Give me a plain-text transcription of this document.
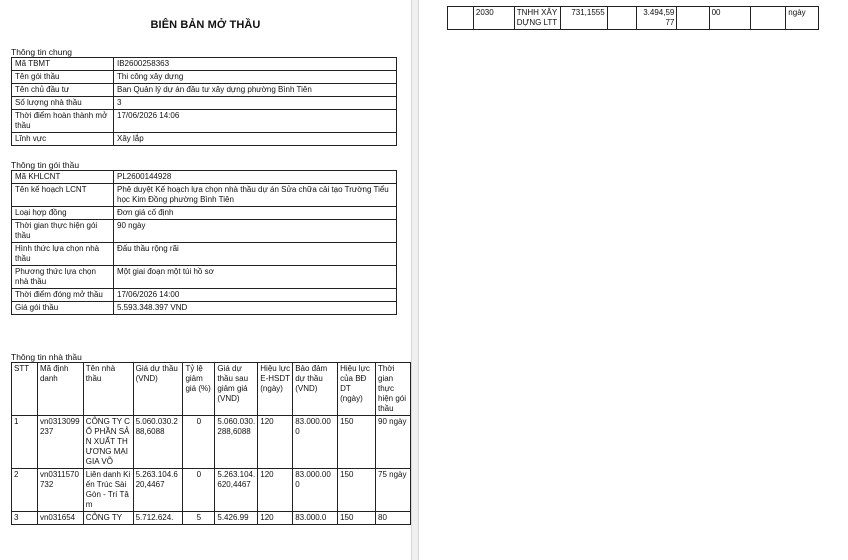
BIÊN BẢN MỞ THẦU
Thông tin chung
Mã TBMT	IB2600258363
Tên gói thầu	Thi công xây dựng
Tên chủ đầu tư	Ban Quản lý dự án đầu tư xây dựng phường Bình Tiên
Số lượng nhà thầu	3
Thời điểm hoàn thành mở thầu	17/06/2026 14:06
Lĩnh vực	Xây lắp
Thông tin gói thầu
Mã KHLCNT	PL2600144928
Tên kế hoạch LCNT	Phê duyệt Kế hoạch lựa chọn nhà thầu dự án Sửa chữa cải tạo Trường Tiểu học Kim Đồng phường Bình Tiên
Loại hợp đồng	Đơn giá cố định
Thời gian thực hiện gói thầu	90 ngày
Hình thức lựa chọn nhà thầu	Đấu thầu rộng rãi
Phương thức lựa chọn nhà thầu	Một giai đoạn một túi hồ sơ
Thời điểm đóng mở thầu	17/06/2026 14:00
Giá gói thầu	5.593.348.397 VND
Thông tin nhà thầu
STT	Mã định danh	Tên nhà thầu	Giá dự thầu (VND)	Tỷ lệ giảm giá (%)	Giá dự thầu sau giảm giá (VND)	Hiệu lực E-HSDT (ngày)	Bảo đảm dự thầu (VND)	Hiệu lực của BĐ DT (ngày)	Thời gian thực hiện gói thầu
1	vn0313099237	CÔNG TY CỔ PHẦN SẢN XUẤT THƯƠNG MẠI GIA VÕ	5.060.030.288,6088	0	5.060.030.288,6088	120	83.000.000	150	90 ngày
2	vn0311570732	Liên danh Kiến Trúc Sài Gòn - Trí Tâm	5.263.104.620,4467	0	5.263.104.620,4467	120	83.000.000	150	75 ngày
3	vn031654	CÔNG TY	5.712.624.	5	5.426.99	120	83.000.0	150	80
	2030	TNHH XÂY DỰNG LTT	731,1555		3.494,5977		00		ngày
